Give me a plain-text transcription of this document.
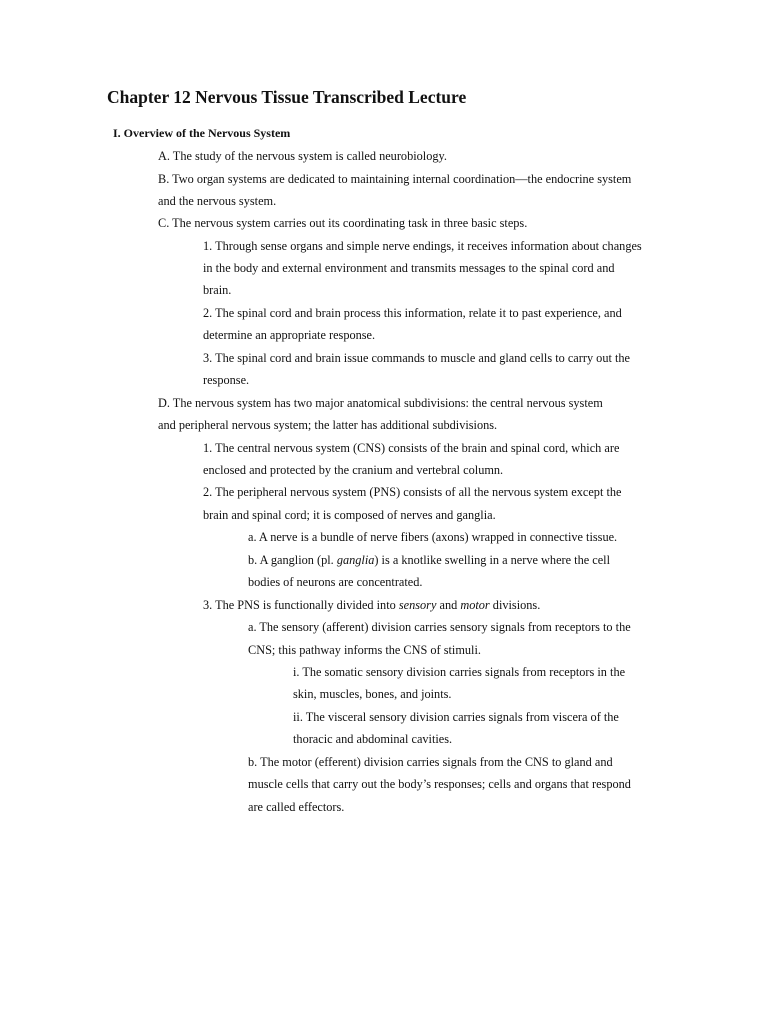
Chapter 12 Nervous Tissue Transcribed Lecture
I. Overview of the Nervous System
A. The study of the nervous system is called neurobiology.
B. Two organ systems are dedicated to maintaining internal coordination—the endocrine system
and the nervous system.
C. The nervous system carries out its coordinating task in three basic steps.
1. Through sense organs and simple nerve endings, it receives information about changes
in the body and external environment and transmits messages to the spinal cord and
brain.
2. The spinal cord and brain process this information, relate it to past experience, and
determine an appropriate response.
3. The spinal cord and brain issue commands to muscle and gland cells to carry out the
response.
D. The nervous system has two major anatomical subdivisions: the central nervous system
and peripheral nervous system; the latter has additional subdivisions.
1. The central nervous system (CNS) consists of the brain and spinal cord, which are
enclosed and protected by the cranium and vertebral column.
2. The peripheral nervous system (PNS) consists of all the nervous system except the
brain and spinal cord; it is composed of nerves and ganglia.
a. A nerve is a bundle of nerve fibers (axons) wrapped in connective tissue.
b. A ganglion (pl. ganglia) is a knotlike swelling in a nerve where the cell
bodies of neurons are concentrated.
3. The PNS is functionally divided into sensory and motor divisions.
a. The sensory (afferent) division carries sensory signals from receptors to the
CNS; this pathway informs the CNS of stimuli.
i. The somatic sensory division carries signals from receptors in the
skin, muscles, bones, and joints.
ii. The visceral sensory division carries signals from viscera of the
thoracic and abdominal cavities.
b. The motor (efferent) division carries signals from the CNS to gland and
muscle cells that carry out the body’s responses; cells and organs that respond
are called effectors.
